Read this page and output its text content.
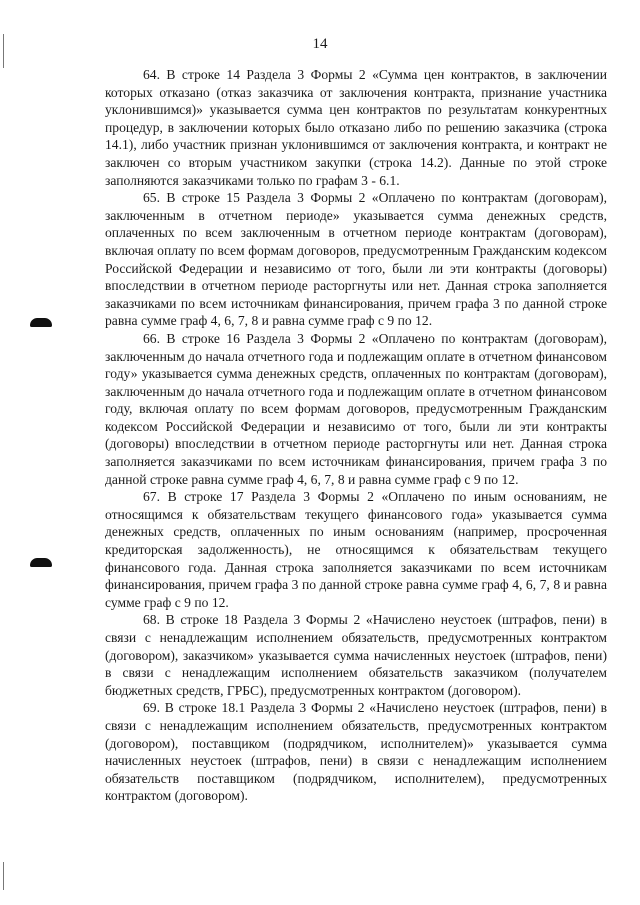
14

64. В строке 14 Раздела 3 Формы 2 «Сумма цен контрактов, в заключении которых отказано (отказ заказчика от заключения контракта, признание участника уклонившимся)» указывается сумма цен контрактов по результатам конкурентных процедур, в заключении которых было отказано либо по решению заказчика (строка 14.1), либо участник признан уклонившимся от заключения контракта, и контракт не заключен со вторым участником закупки (строка 14.2). Данные по этой строке заполняются заказчиками только по графам 3 - 6.1.

65. В строке 15 Раздела 3 Формы 2 «Оплачено по контрактам (договорам), заключенным в отчетном периоде» указывается сумма денежных средств, оплаченных по всем заключенным в отчетном периоде контрактам (договорам), включая оплату по всем формам договоров, предусмотренным Гражданским кодексом Российской Федерации и независимо от того, были ли эти контракты (договоры) впоследствии в отчетном периоде расторгнуты или нет. Данная строка заполняется заказчиками по всем источникам финансирования, причем графа 3 по данной строке равна сумме граф 4, 6, 7, 8 и равна сумме граф с 9 по 12.

66. В строке 16 Раздела 3 Формы 2 «Оплачено по контрактам (договорам), заключенным до начала отчетного года и подлежащим оплате в отчетном финансовом году» указывается сумма денежных средств, оплаченных по контрактам (договорам), заключенным до начала отчетного года и подлежащим оплате в отчетном финансовом году, включая оплату по всем формам договоров, предусмотренным Гражданским кодексом Российской Федерации и независимо от того, были ли эти контракты (договоры) впоследствии в отчетном периоде расторгнуты или нет. Данная строка заполняется заказчиками по всем источникам финансирования, причем графа 3 по данной строке равна сумме граф 4, 6, 7, 8 и равна сумме граф с 9 по 12.

67. В строке 17 Раздела 3 Формы 2 «Оплачено по иным основаниям, не относящимся к обязательствам текущего финансового года» указывается сумма денежных средств, оплаченных по иным основаниям (например, просроченная кредиторская задолженность), не относящимся к обязательствам текущего финансового года. Данная строка заполняется заказчиками по всем источникам финансирования, причем графа 3 по данной строке равна сумме граф 4, 6, 7, 8 и равна сумме граф с 9 по 12.

68. В строке 18 Раздела 3 Формы 2 «Начислено неустоек (штрафов, пени) в связи с ненадлежащим исполнением обязательств, предусмотренных контрактом (договором), заказчиком» указывается сумма начисленных неустоек (штрафов, пени) в связи с ненадлежащим исполнением обязательств заказчиком (получателем бюджетных средств, ГРБС), предусмотренных контрактом (договором).

69. В строке 18.1 Раздела 3 Формы 2 «Начислено неустоек (штрафов, пени) в связи с ненадлежащим исполнением обязательств, предусмотренных контрактом (договором), поставщиком (подрядчиком, исполнителем)» указывается сумма начисленных неустоек (штрафов, пени) в связи с ненадлежащим исполнением обязательств поставщиком (подрядчиком, исполнителем), предусмотренных контрактом (договором).
